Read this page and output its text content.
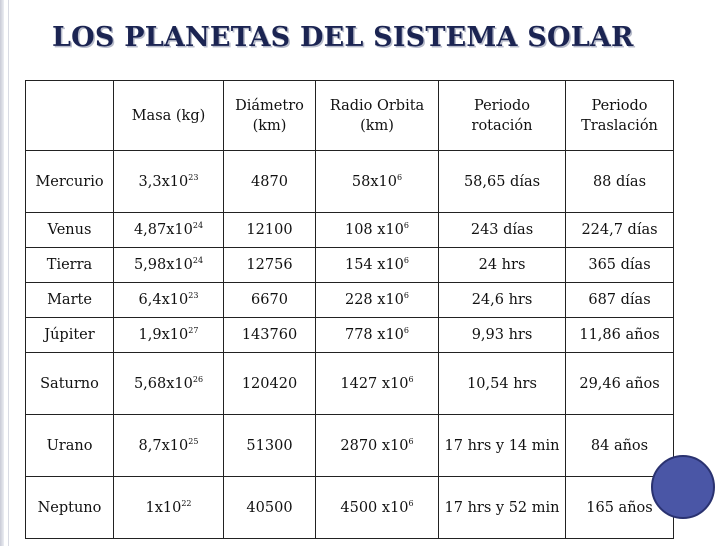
LOS PLANETAS DEL SISTEMA SOLAR
	Masa (kg)	Diámetro (km)	Radio Orbita (km)	Periodo rotación	Periodo Traslación
Mercurio	$3,3x10^{23}$	4870	$58x10^6$	58,65 días	88 días
Venus	$4,87x10^{24}$	12100	108 $x10^6$	243 días	224,7 días
Tierra	$5,98x10^{24}$	12756	154 $x10^6$	24 hrs	365 días
Marte	$6,4x10^{23}$	6670	228 $x10^6$	24,6 hrs	687 días
Júpiter	$1,9x10^{27}$	143760	778 $x10^6$	9,93 hrs	11,86 años
Saturno	$5,68x10^{26}$	120420	1427 $x10^6$	10,54 hrs	29,46 años
Urano	$8,7x10^{25}$	51300	2870 $x10^6$	17 hrs y 14 min	84 años
Neptuno	$1x10^{22}$	40500	4500 $x10^6$	17 hrs y 52 min	165 años
